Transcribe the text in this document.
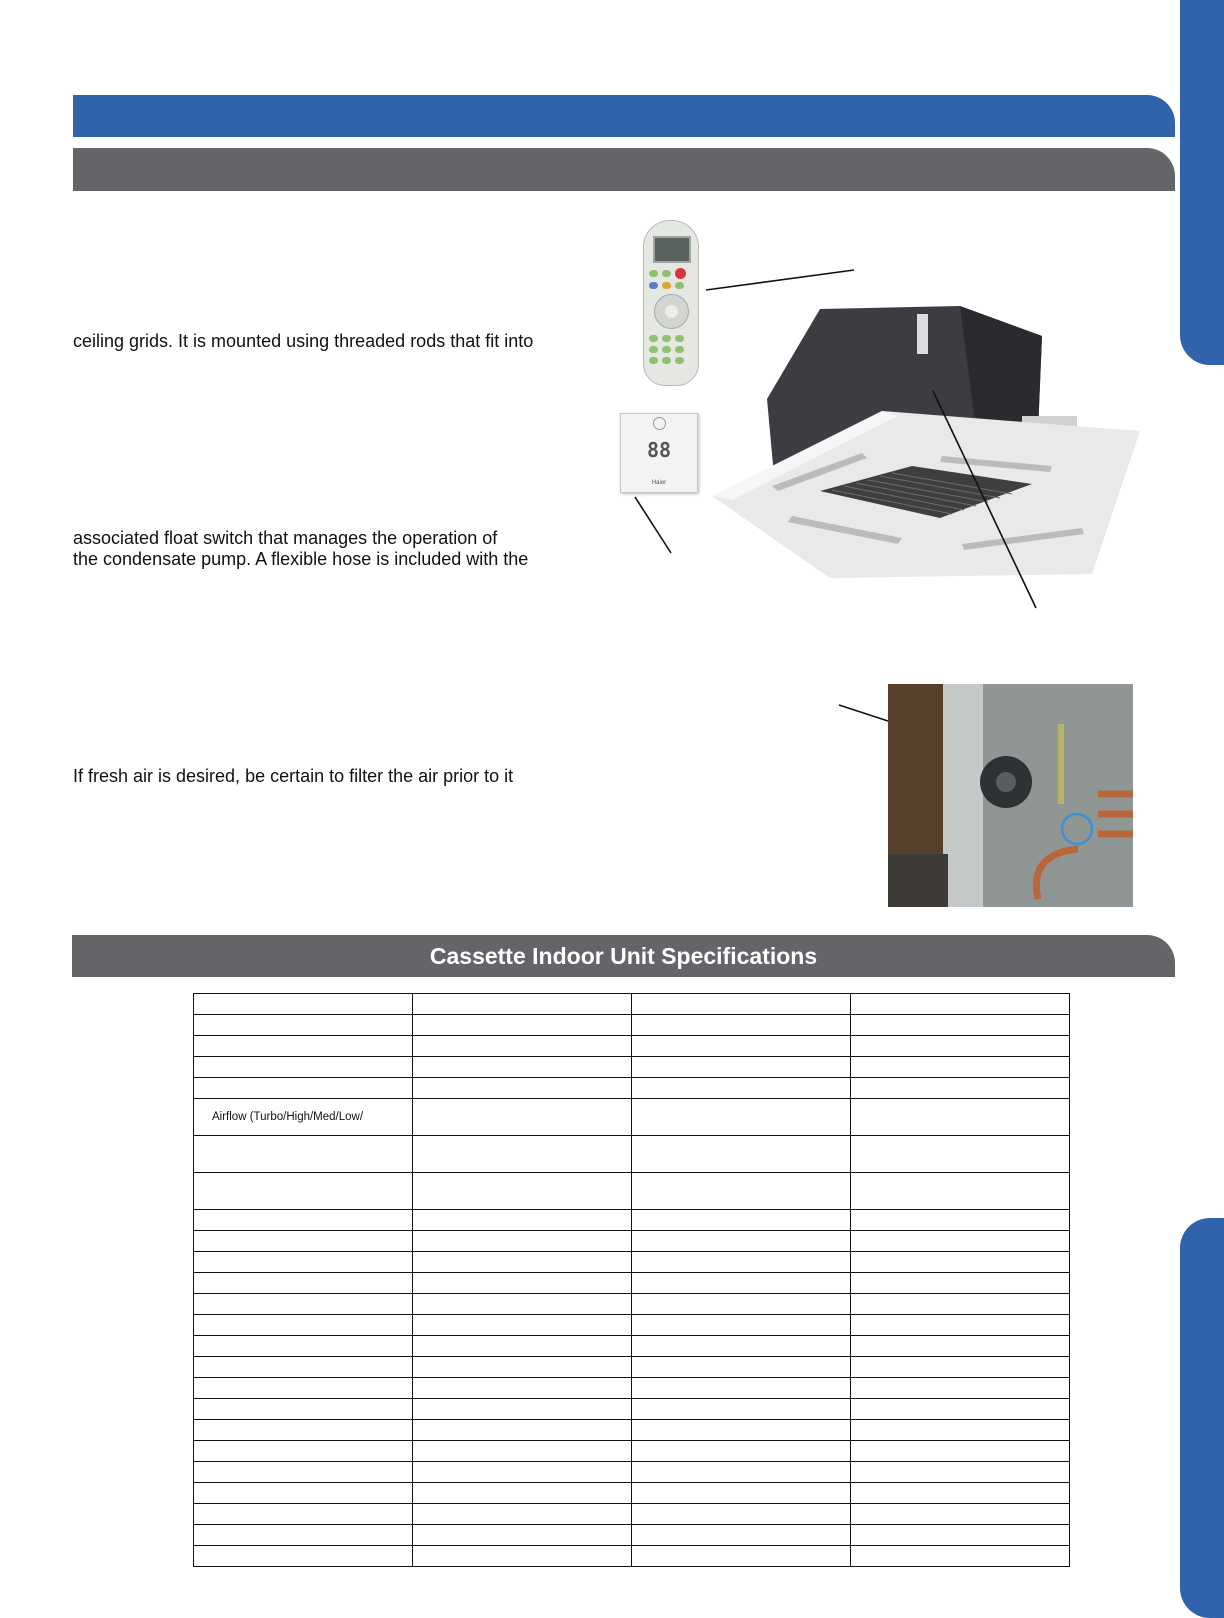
ceiling grids. It is mounted using threaded rods that fit into
associated float switch that manages the operation of
the condensate pump. A flexible hose is included with the
If fresh air is desired, be certain to filter the air prior to it
88
Haier
Cassette Indoor Unit Specifications

Airflow (Turbo/High/Med/Low/			
